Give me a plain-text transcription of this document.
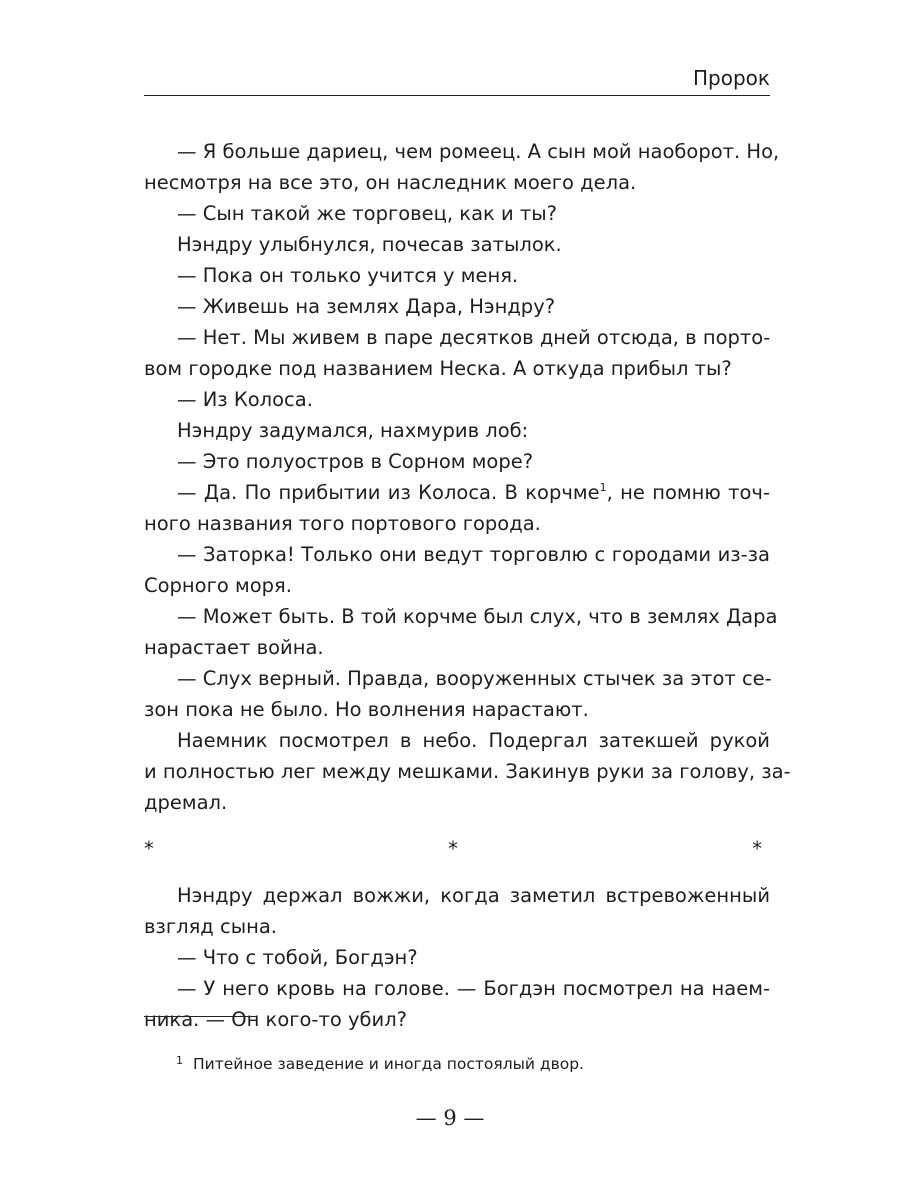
Пророк
— Я больше дариец, чем ромеец. А сын мой наоборот. Но,
несмотря на все это, он наследник моего дела.
— Сын такой же торговец, как и ты?
Нэндру улыбнулся, почесав затылок.
— Пока он только учится у меня.
— Живешь на землях Дара, Нэндру?
— Нет. Мы живем в паре десятков дней отсюда, в порто-
вом городке под названием Неска. А откуда прибыл ты?
— Из Колоса.
Нэндру задумался, нахмурив лоб:
— Это полуостров в Сорном море?
— Да. По прибытии из Колоса. В корчме$^1$, не помню точ-
ного названия того портового города.
— Заторка! Только они ведут торговлю с городами из-за
Сорного моря.
— Может быть. В той корчме был слух, что в землях Дара
нарастает война.
— Слух верный. Правда, вооруженных стычек за этот се-
зон пока не было. Но волнения нарастают.
Наемник посмотрел в небо. Подергал затекшей рукой
и полностью лег между мешками. Закинув руки за голову, за-
дремал.
* * *
Нэндру держал вожжи, когда заметил встревоженный
взгляд сына.
— Что с тобой, Богдэн?
— У него кровь на голове. — Богдэн посмотрел на наем-
ника. — Он кого-то убил?
$^1$ Питейное заведение и иногда постоялый двор.
— 9 —
